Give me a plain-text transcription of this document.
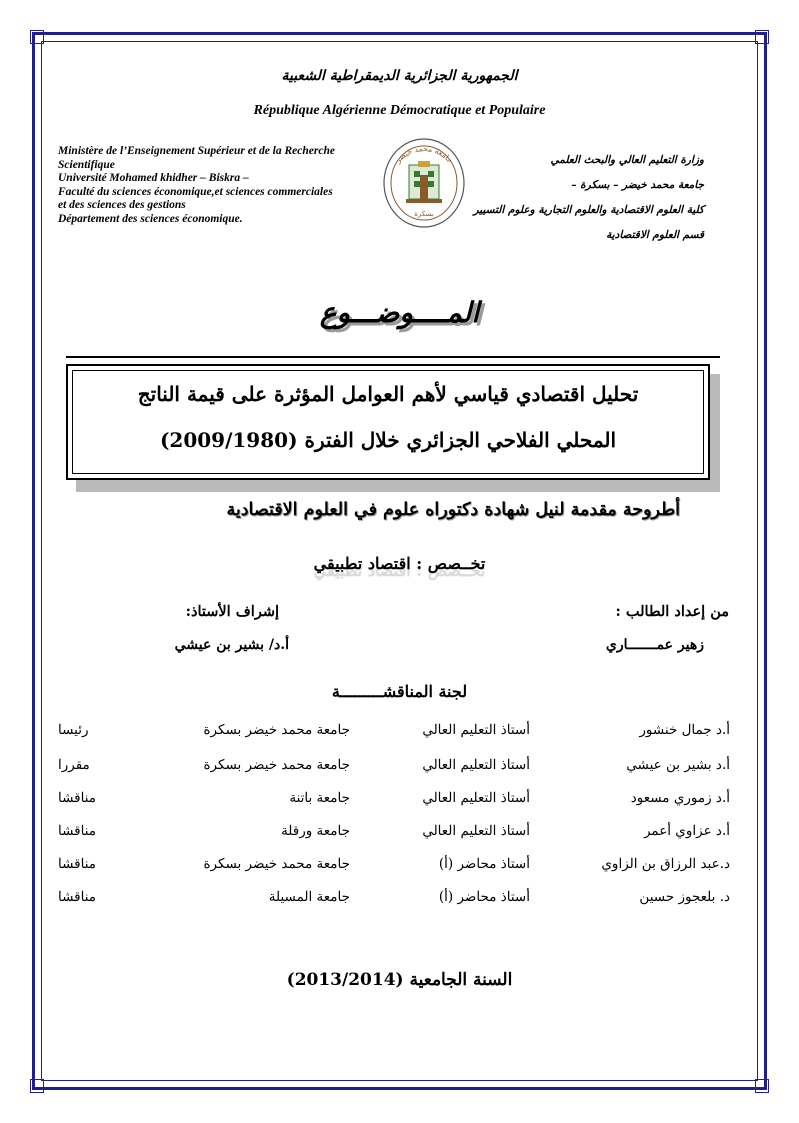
الجمهورية الجزائرية الديمقراطية الشعبية
République Algérienne Démocratique et Populaire
Ministère de l’Enseignement Supérieur et de la Recherche
Scientifique
Université Mohamed khidher – Biskra –
Faculté du sciences économique,et sciences commerciales
et des sciences des gestions
Département des sciences économique.
جامعة محمد خيضر
بسكرة
وزارة التعليم العالي والبحث العلمي
جامعة محمد خيضر – بسكرة –
كلية العلوم الاقتصادية والعلوم التجارية وعلوم التسيير
قسم العلوم الاقتصادية
المــــوضـــوع
تحليل اقتصادي قياسي لأهم العوامل المؤثرة على قيمة الناتج
المحلي الفلاحي الجزائري خلال الفترة (2009/1980)
أطروحة مقدمة لنيل شهادة دكتوراه علوم في العلوم الاقتصادية
تخــصص : اقتصاد تطبيقي
من إعداد الطالب :
زهير عمـــــــاري
إشراف الأستاذ:
أ.د/ بشير بن عيشي
لجنة المناقشـــــــــة
أ.د جمال خنشور
أستاذ التعليم العالي
جامعة محمد خيضر بسكرة
رئيسا
أ.د بشير بن عيشي
أستاذ التعليم العالي
جامعة محمد خيضر بسكرة
مقررا
أ.د زموري مسعود
أستاذ التعليم العالي
جامعة باتنة
مناقشا
أ.د عزاوي أعمر
أستاذ التعليم العالي
جامعة ورقلة
مناقشا
د.عبد الرزاق بن الزاوي
أستاذ محاضر (أ)
جامعة محمد خيضر بسكرة
مناقشا
د. بلعجوز حسين
أستاذ محاضر (أ)
جامعة المسيلة
مناقشا
السنة الجامعية (2013/2014)
